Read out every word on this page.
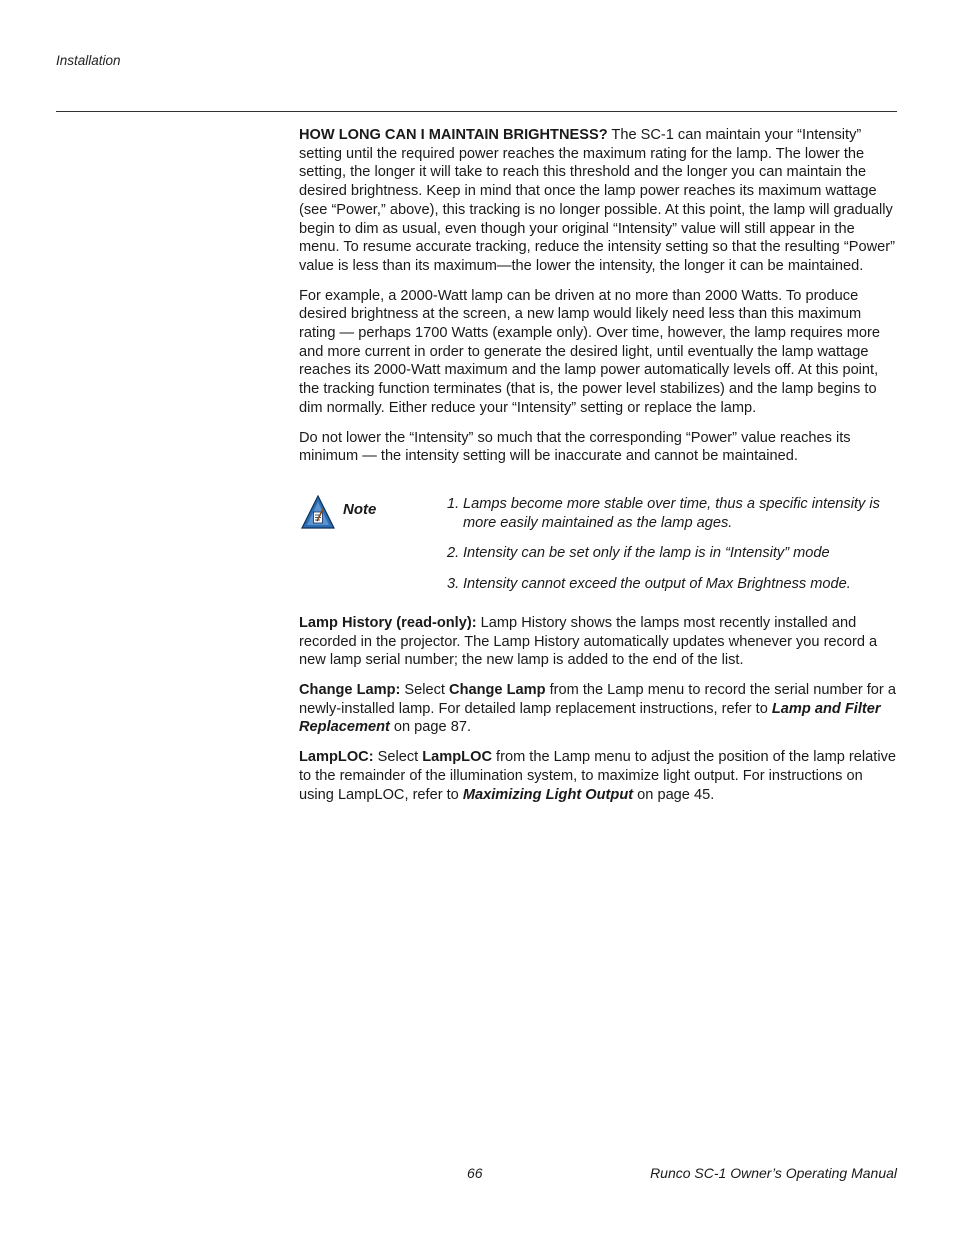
Installation

HOW LONG CAN I MAINTAIN BRIGHTNESS? The SC-1 can maintain your “Intensity” setting until the required power reaches the maximum rating for the lamp. The lower the setting, the longer it will take to reach this threshold and the longer you can maintain the desired brightness. Keep in mind that once the lamp power reaches its maximum wattage (see “Power,” above), this tracking is no longer possible. At this point, the lamp will gradually begin to dim as usual, even though your original “Intensity” value will still appear in the menu. To resume accurate tracking, reduce the intensity setting so that the resulting “Power” value is less than its maximum—the lower the intensity, the longer it can be maintained.

For example, a 2000-Watt lamp can be driven at no more than 2000 Watts. To produce desired brightness at the screen, a new lamp would likely need less than this maximum rating — perhaps 1700 Watts (example only). Over time, however, the lamp requires more and more current in order to generate the desired light, until eventually the lamp wattage reaches its 2000-Watt maximum and the lamp power automatically levels off. At this point, the tracking function terminates (that is, the power level stabilizes) and the lamp begins to dim normally. Either reduce your “Intensity” setting or replace the lamp.

Do not lower the “Intensity” so much that the corresponding “Power” value reaches its minimum — the intensity setting will be inaccurate and cannot be maintained.

Note	1. Lamps become more stable over time, thus a specific intensity is more easily maintained as the lamp ages.
2. Intensity can be set only if the lamp is in “Intensity” mode
3. Intensity cannot exceed the output of Max Brightness mode.

Lamp History (read-only): Lamp History shows the lamps most recently installed and recorded in the projector. The Lamp History automatically updates whenever you record a new lamp serial number; the new lamp is added to the end of the list.

Change Lamp: Select Change Lamp from the Lamp menu to record the serial number for a newly-installed lamp. For detailed lamp replacement instructions, refer to Lamp and Filter Replacement on page 87.

LampLOC: Select LampLOC from the Lamp menu to adjust the position of the lamp relative to the remainder of the illumination system, to maximize light output. For instructions on using LampLOC, refer to Maximizing Light Output on page 45.

66	Runco SC-1 Owner’s Operating Manual
